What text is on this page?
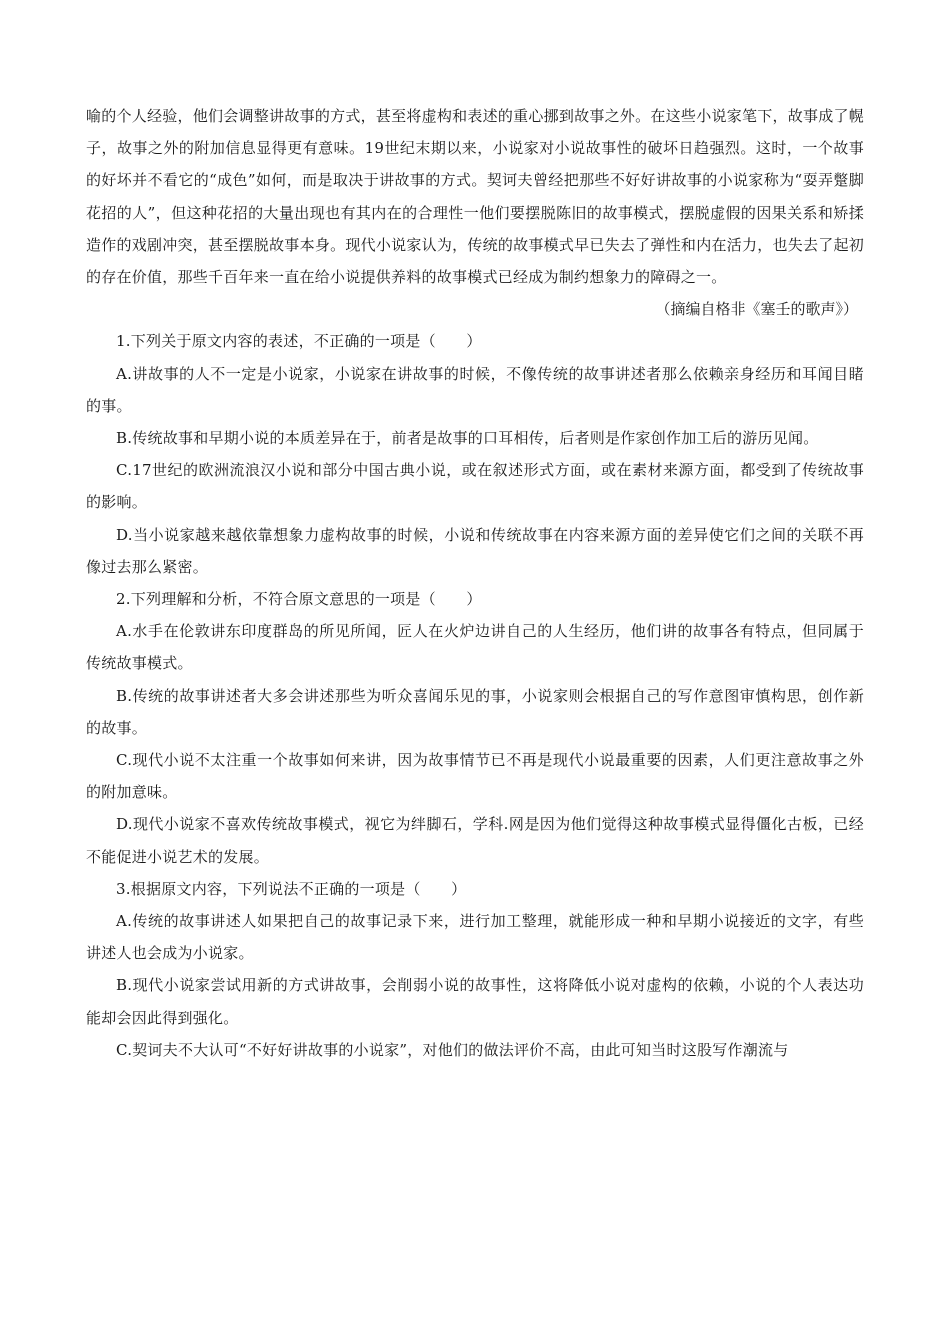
喻的个人经验，他们会调整讲故事的方式，甚至将虚构和表述的重心挪到故事之外。在这些小说家笔下，故事成了幌子，故事之外的附加信息显得更有意味。19世纪末期以来，小说家对小说故事性的破坏日趋强烈。这时，一个故事的好坏并不看它的“成色”如何，而是取决于讲故事的方式。契诃夫曾经把那些不好好讲故事的小说家称为“耍弄蹩脚花招的人”，但这种花招的大量出现也有其内在的合理性一他们要摆脱陈旧的故事模式，摆脱虚假的因果关系和矫揉造作的戏剧冲突，甚至摆脱故事本身。现代小说家认为，传统的故事模式早已失去了弹性和内在活力，也失去了起初的存在价值，那些千百年来一直在给小说提供养料的故事模式已经成为制约想象力的障碍之一。

（摘编自格非《塞壬的歌声》）

1.下列关于原文内容的表述，不正确的一项是（　　）

A.讲故事的人不一定是小说家，小说家在讲故事的时候，不像传统的故事讲述者那么依赖亲身经历和耳闻目睹的事。

B.传统故事和早期小说的本质差异在于，前者是故事的口耳相传，后者则是作家创作加工后的游历见闻。

C.17世纪的欧洲流浪汉小说和部分中国古典小说，或在叙述形式方面，或在素材来源方面，都受到了传统故事的影响。

D.当小说家越来越依靠想象力虚构故事的时候，小说和传统故事在内容来源方面的差异使它们之间的关联不再像过去那么紧密。

2.下列理解和分析，不符合原文意思的一项是（　　）

A.水手在伦敦讲东印度群岛的所见所闻，匠人在火炉边讲自己的人生经历，他们讲的故事各有特点，但同属于传统故事模式。

B.传统的故事讲述者大多会讲述那些为听众喜闻乐见的事，小说家则会根据自己的写作意图审慎构思，创作新的故事。

C.现代小说不太注重一个故事如何来讲，因为故事情节已不再是现代小说最重要的因素，人们更注意故事之外的附加意味。

D.现代小说家不喜欢传统故事模式，视它为绊脚石，学科.网是因为他们觉得这种故事模式显得僵化古板，已经不能促进小说艺术的发展。

3.根据原文内容，下列说法不正确的一项是（　　）

A.传统的故事讲述人如果把自己的故事记录下来，进行加工整理，就能形成一种和早期小说接近的文字，有些讲述人也会成为小说家。

B.现代小说家尝试用新的方式讲故事，会削弱小说的故事性，这将降低小说对虚构的依赖，小说的个人表达功能却会因此得到强化。

C.契诃夫不大认可“不好好讲故事的小说家”，对他们的做法评价不高，由此可知当时这股写作潮流与
